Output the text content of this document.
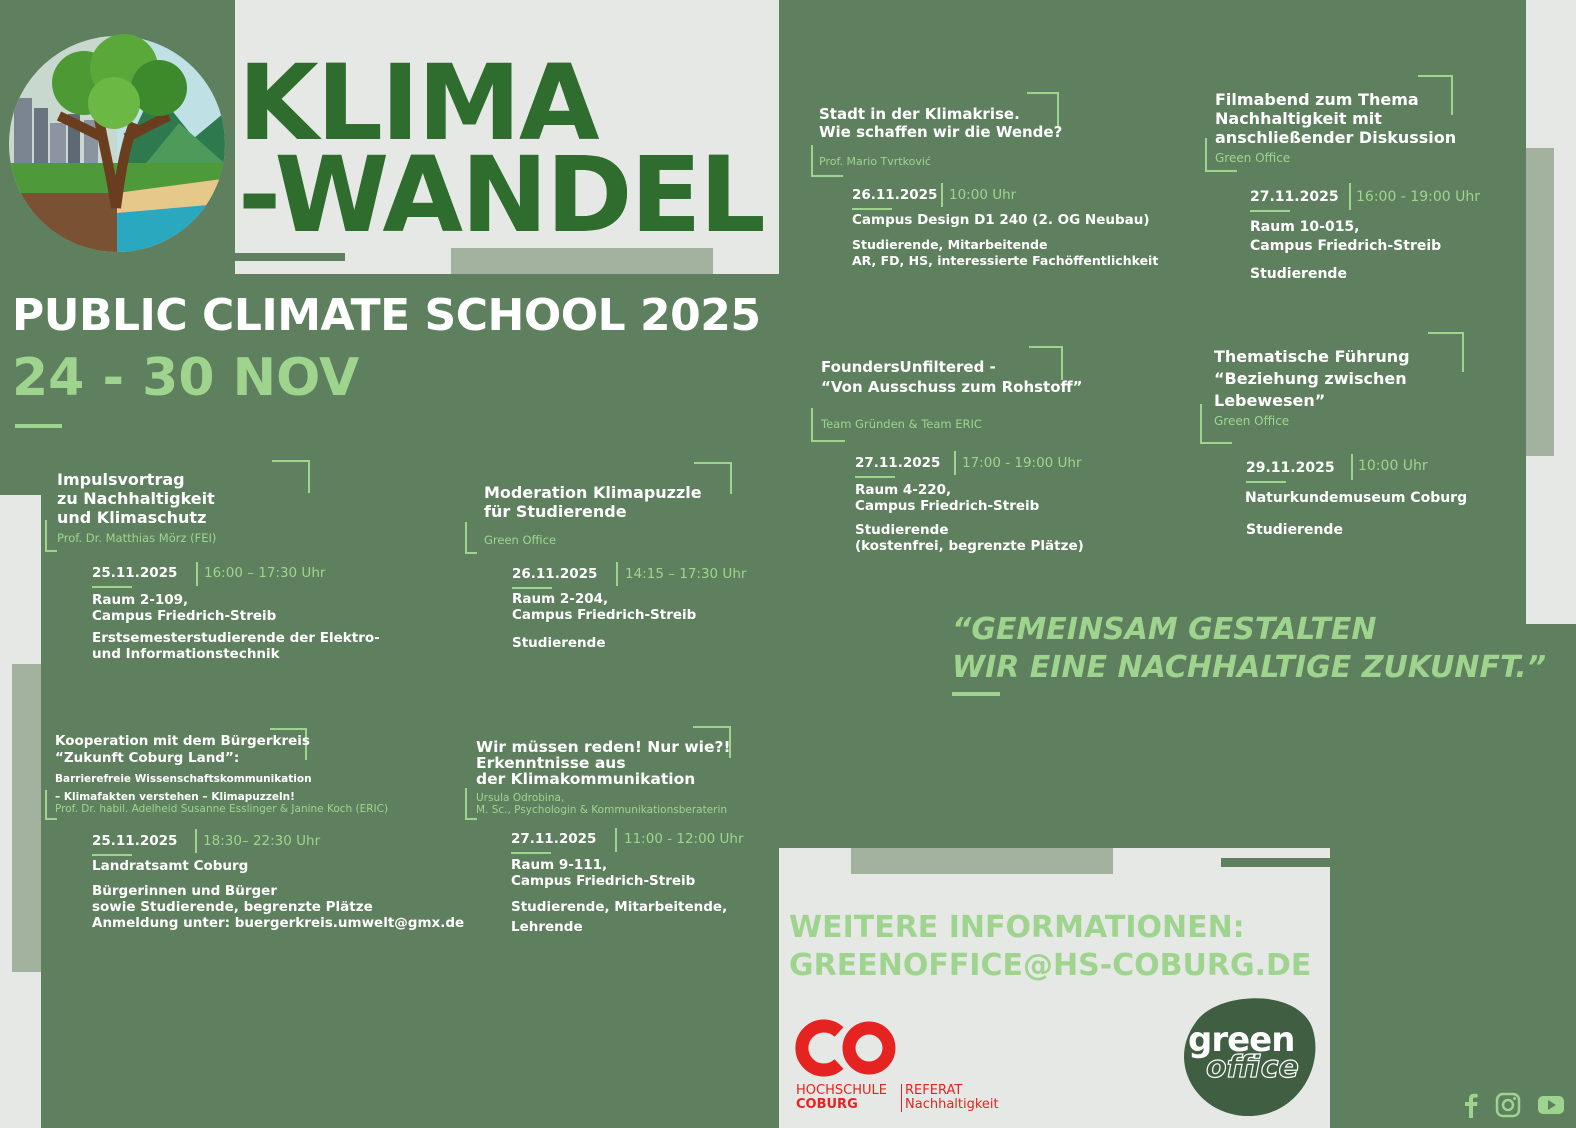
KLIMA
-WANDEL
PUBLIC CLIMATE SCHOOL 2025
24 - 30 NOV
Impulsvortrag
zu Nachhaltigkeit
und Klimaschutz
Prof. Dr. Matthias Mörz (FEI)
25.11.2025 16:00 – 17:30 Uhr
Raum 2-109,
Campus Friedrich-Streib
Erstsemesterstudierende der Elektro-
und Informationstechnik
Moderation Klimapuzzle
für Studierende
Green Office
26.11.2025 14:15 – 17:30 Uhr
Raum 2-204,
Campus Friedrich-Streib
Studierende
Kooperation mit dem Bürgerkreis
“Zukunft Coburg Land”:
Barrierefreie Wissenschaftskommunikation
– Klimafakten verstehen – Klimapuzzeln!
Prof. Dr. habil. Adelheid Susanne Esslinger & Janine Koch (ERIC)
25.11.2025 18:30– 22:30 Uhr
Landratsamt Coburg
Bürgerinnen und Bürger
sowie Studierende, begrenzte Plätze
Anmeldung unter: buergerkreis.umwelt@gmx.de
Wir müssen reden! Nur wie?!
Erkenntnisse aus
der Klimakommunikation
Ursula Odrobina,
M. Sc., Psychologin & Kommunikationsberaterin
27.11.2025 11:00 - 12:00 Uhr
Raum 9-111,
Campus Friedrich-Streib
Studierende, Mitarbeitende,
Lehrende
Stadt in der Klimakrise.
Wie schaffen wir die Wende?
Prof. Mario Tvrtković
26.11.2025 10:00 Uhr
Campus Design D1 240 (2. OG Neubau)
Studierende, Mitarbeitende
AR, FD, HS, interessierte Fachöffentlichkeit
Filmabend zum Thema
Nachhaltigkeit mit
anschließender Diskussion
Green Office
27.11.2025 16:00 - 19:00 Uhr
Raum 10-015,
Campus Friedrich-Streib
Studierende
FoundersUnfiltered -
“Von Ausschuss zum Rohstoff”
Team Gründen & Team ERIC
27.11.2025 17:00 - 19:00 Uhr
Raum 4-220,
Campus Friedrich-Streib
Studierende
(kostenfrei, begrenzte Plätze)
Thematische Führung
“Beziehung zwischen
Lebewesen”
Green Office
29.11.2025 10:00 Uhr
Naturkundemuseum Coburg
Studierende
“GEMEINSAM GESTALTEN
WIR EINE NACHHALTIGE ZUKUNFT.”
WEITERE INFORMATIONEN:
GREENOFFICE@HS-COBURG.DE
HOCHSCHULE
COBURG
REFERAT
Nachhaltigkeit
green
office
